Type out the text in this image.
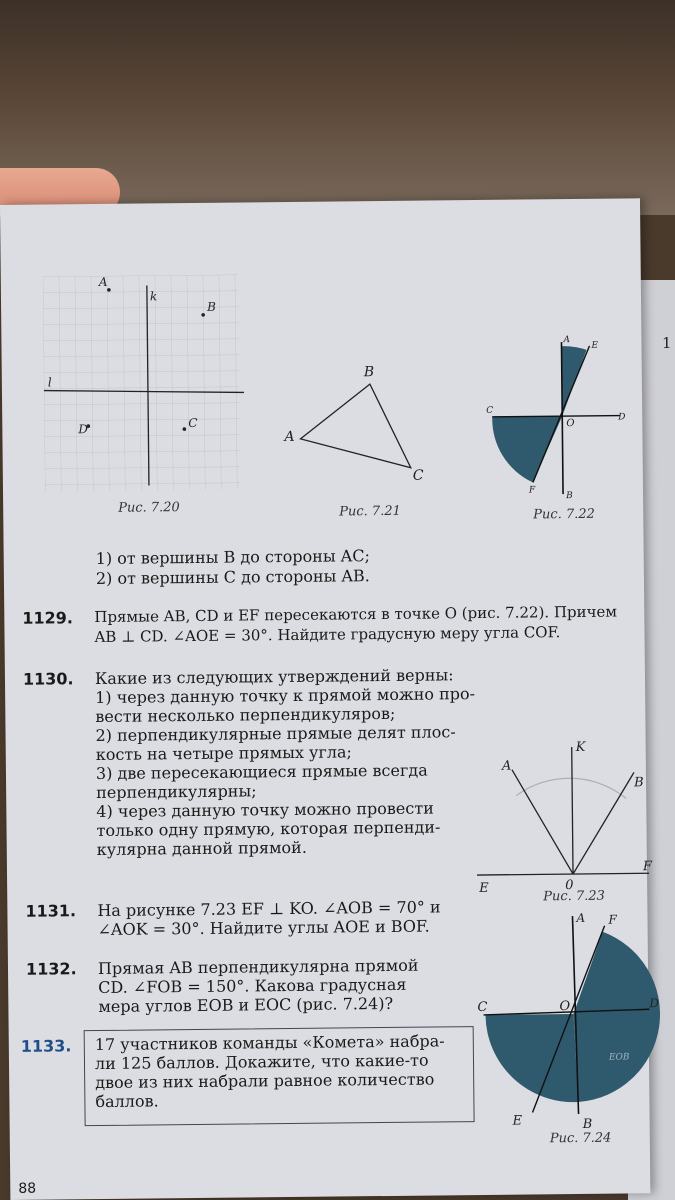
1
A
B
C
D
k
l
Рис. 7.20
A
B
C
Рис. 7.21
A
E
C
D
O
F
B
Рис. 7.22
1) от вершины B до стороны AC;
2) от вершины C до стороны AB.
1129. Прямые AB, CD и EF пересекаются в точке O (рис. 7.22). Причем
AB ⊥ CD. ∠AOE = 30°. Найдите градусную меру угла COF.
1130. Какие из следующих утверждений верны:
1) через данную точку к прямой можно про-
вести несколько перпендикуляров;
2) перпендикулярные прямые делят плос-
кость на четыре прямых угла;
3) две пересекающиеся прямые всегда
перпендикулярны;
4) через данную точку можно провести
только одну прямую, которая перпенди-
кулярна данной прямой.
A
K
B
E
F
0
Рис. 7.23
1131. На рисунке 7.23 EF ⊥ KO. ∠AOB = 70° и
∠AOK = 30°. Найдите углы AOE и BOF.
1132. Прямая AB перпендикулярна прямой
CD. ∠FOB = 150°. Какова градусная
мера углов EOB и EOC (рис. 7.24)?
A F
C	D
O
EOB
E	B
Рис. 7.24
1133. 17 участников команды «Комета» набра-
ли 125 баллов. Докажите, что какие-то
двое из них набрали равное количество
баллов.
88
